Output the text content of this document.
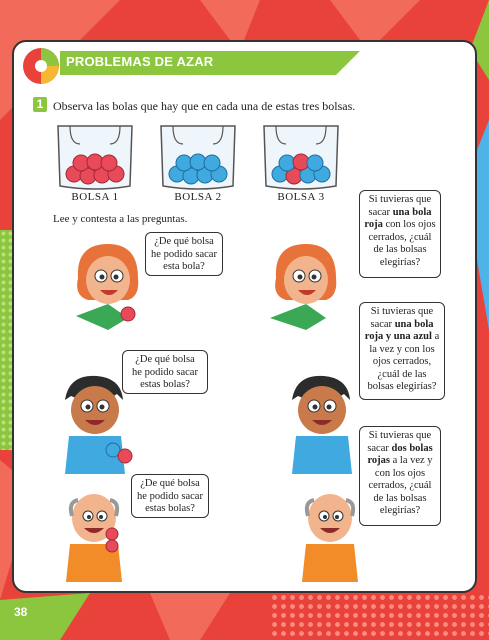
PROBLEMAS DE AZAR
1 Observa las bolas que hay que en cada una de estas tres bolsas.
BOLSA 1	BOLSA 2	BOLSA 3
Lee y contesta a las preguntas.
¿De qué bolsa
he podido sacar
esta bola?
¿De qué bolsa
he podido sacar
estas bolas?
¿De qué bolsa
he podido sacar
estas bolas?
Si tuvieras que sacar una bola roja con los ojos cerrados, ¿cuál de las bolsas elegirías?
Si tuvieras que sacar una bola roja y una azul a la vez y con los ojos cerrados, ¿cuál de las bolsas elegirías?
Si tuvieras que sacar dos bolas rojas a la vez y con los ojos cerrados, ¿cuál de las bolsas elegirías?
38
